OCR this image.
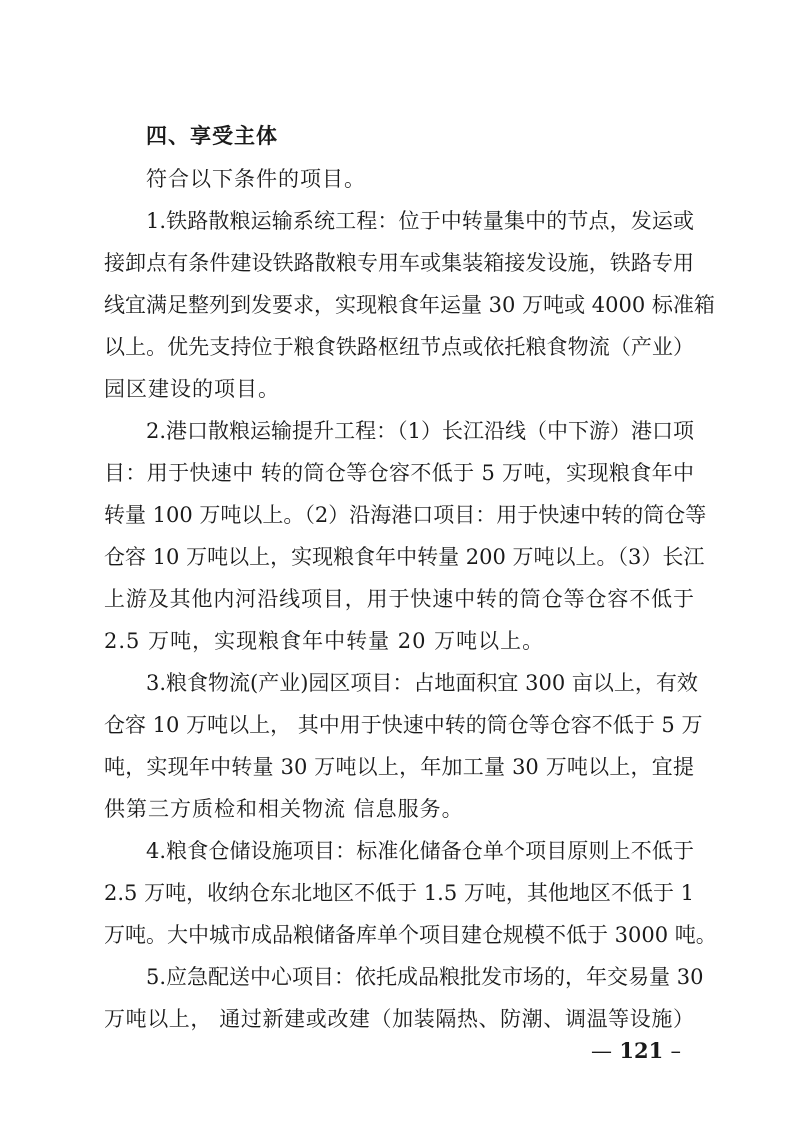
四、享受主体
符合以下条件的项目。
1.铁路散粮运输系统工程：位于中转量集中的节点，发运或
接卸点有条件建设铁路散粮专用车或集装箱接发设施，铁路专用
线宜满足整列到发要求，实现粮食年运量 30 万吨或 4000 标准箱
以上。优先支持位于粮食铁路枢纽节点或依托粮食物流（产业）
园区建设的项目。
2.港口散粮运输提升工程：（1）长江沿线（中下游）港口项
目：用于快速中 转的筒仓等仓容不低于 5 万吨，实现粮食年中
转量 100 万吨以上。（2）沿海港口项目：用于快速中转的筒仓等
仓容 10 万吨以上，实现粮食年中转量 200 万吨以上。（3）长江
上游及其他内河沿线项目，用于快速中转的筒仓等仓容不低于
2.5 万吨，实现粮食年中转量 20 万吨以上。
3.粮食物流(产业)园区项目：占地面积宜 300 亩以上，有效
仓容 10 万吨以上， 其中用于快速中转的筒仓等仓容不低于 5 万
吨，实现年中转量 30 万吨以上，年加工量 30 万吨以上，宜提
供第三方质检和相关物流 信息服务。
4.粮食仓储设施项目：标准化储备仓单个项目原则上不低于
2.5 万吨，收纳仓东北地区不低于 1.5 万吨，其他地区不低于 1
万吨。大中城市成品粮储备库单个项目建仓规模不低于 3000 吨。
5.应急配送中心项目：依托成品粮批发市场的，年交易量 30
万吨以上， 通过新建或改建（加装隔热、防潮、调温等设施）
— 121 –
